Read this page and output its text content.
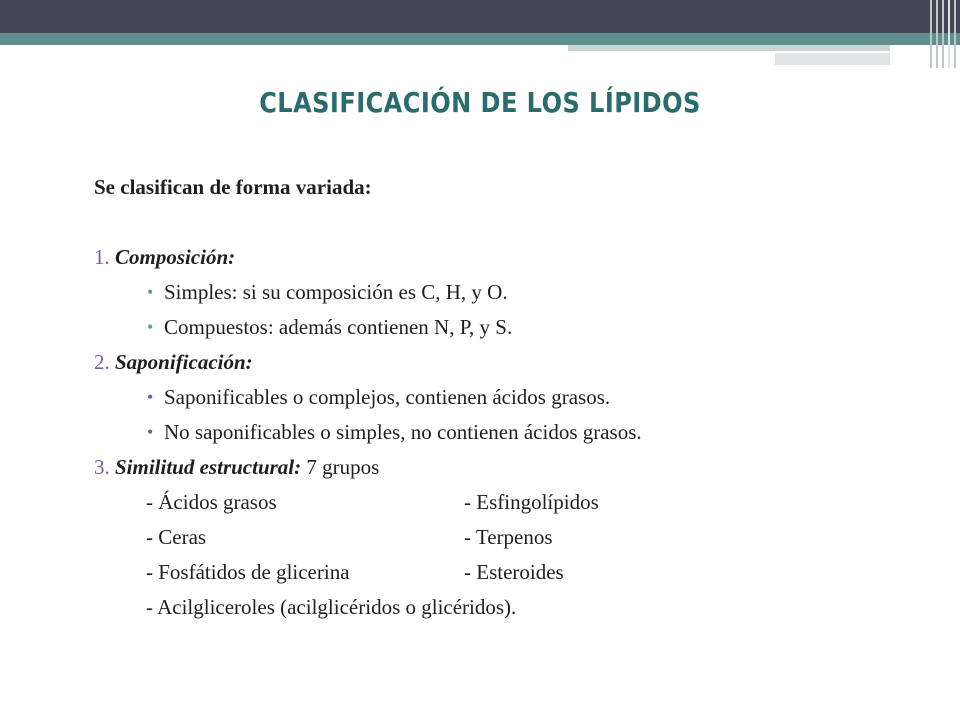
CLASIFICACIÓN DE LOS LÍPIDOS
Se clasifican de forma variada:
1. Composición:
• Simples: si su composición es C, H, y O.
• Compuestos: además contienen N, P, y S.
2. Saponificación:
• Saponificables o complejos, contienen ácidos grasos.
• No saponificables o simples, no contienen ácidos grasos.
3. Similitud estructural: 7 grupos
- Ácidos grasos	- Esfingolípidos
- Ceras	- Terpenos
- Fosfátidos de glicerina	- Esteroides
- Acilgliceroles (acilglicéridos o glicéridos).
